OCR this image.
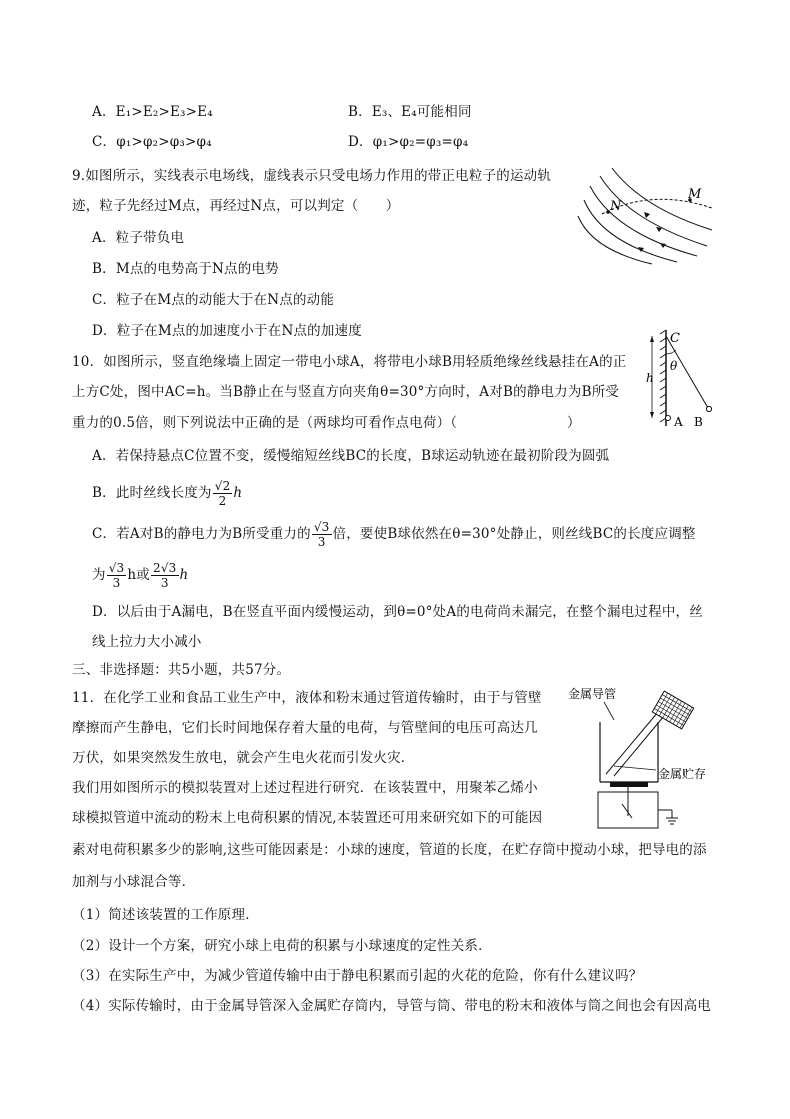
A．E₁>E₂>E₃>E₄	B．E₃、E₄可能相同
C．φ₁>φ₂>φ₃>φ₄	D．φ₁>φ₂=φ₃=φ₄
9.如图所示，实线表示电场线，虚线表示只受电场力作用的带正电粒子的运动轨
迹，粒子先经过M点，再经过N点，可以判定（　　）
A．粒子带负电
B．M点的电势高于N点的电势
C．粒子在M点的动能大于在N点的动能
D．粒子在M点的加速度小于在N点的加速度
N
M
10．如图所示，竖直绝缘墙上固定一带电小球A，将带电小球B用轻质绝缘丝线悬挂在A的正
上方C处，图中AC=h。当B静止在与竖直方向夹角θ=30°方向时，A对B的静电力为B所受
重力的0.5倍，则下列说法中正确的是（两球均可看作点电荷）（　　　　　　　　）
A．若保持悬点C位置不变，缓慢缩短丝线BC的长度，B球运动轨迹在最初阶段为圆弧
B．此时丝线长度为 $\frac{√2}{2}$ h
C．若A对B的静电力为B所受重力的 $\frac{√3}{3}$ 倍，要使B球依然在θ=30°处静止，则丝线BC的长度应调整
为 $\frac{√3}{3}$ h或 $\frac{2√3}{3}$ h
D．以后由于A漏电，B在竖直平面内缓慢运动，到θ=0°处A的电荷尚未漏完，在整个漏电过程中，丝
线上拉力大小减小
C
θ
h
A B
三、非选择题：共5小题，共57分。
11．在化学工业和食品工业生产中，液体和粉末通过管道传输时，由于与管壁
摩擦而产生静电，它们长时间地保存着大量的电荷，与管壁间的电压可高达几
万伏，如果突然发生放电，就会产生电火花而引发火灾．
我们用如图所示的模拟装置对上述过程进行研究．在该装置中，用聚苯乙烯小
球模拟管道中流动的粉末上电荷积累的情况,本装置还可用来研究如下的可能因
素对电荷积累多少的影响,这些可能因素是：小球的速度，管道的长度，在贮存筒中搅动小球，把导电的添
加剂与小球混合等．
（1）简述该装置的工作原理．
（2）设计一个方案，研究小球上电荷的积累与小球速度的定性关系．
（3）在实际生产中，为减少管道传输中由于静电积累而引起的火花的危险，你有什么建议吗？
（4）实际传输时，由于金属导管深入金属贮存筒内，导管与筒、带电的粉末和液体与筒之间也会有因高电
金属导管
金属贮存
